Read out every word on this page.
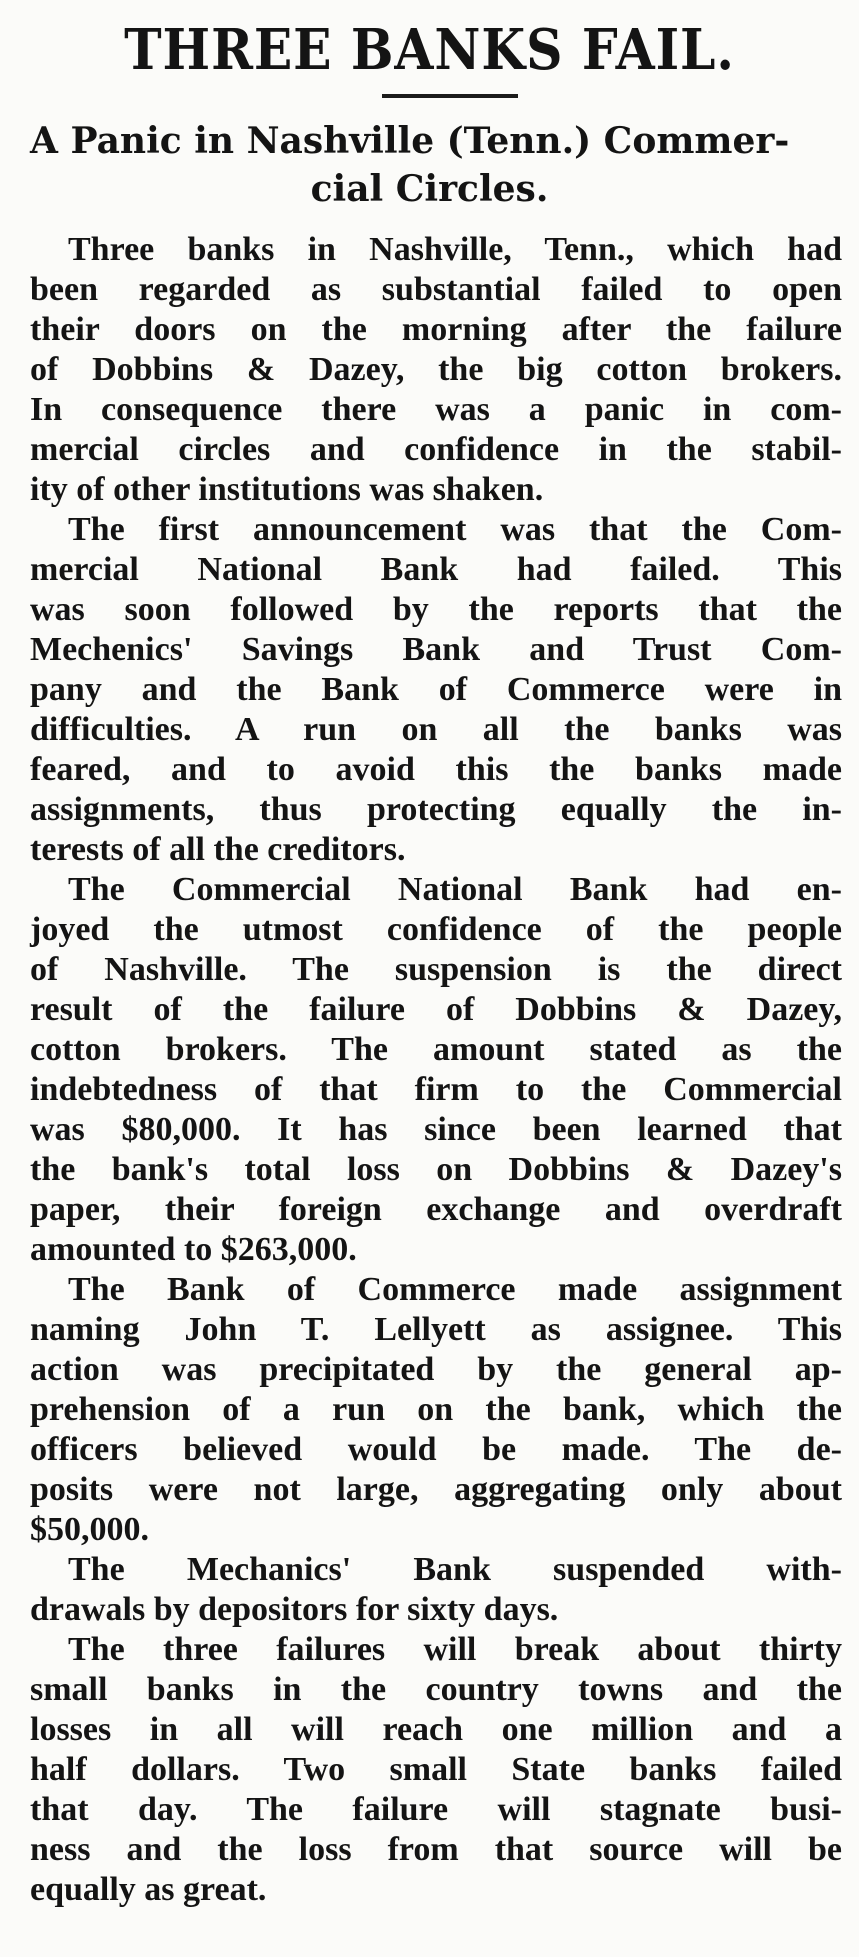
THREE BANKS FAIL.
A Panic in Nashville (Tenn.) Commer-
cial Circles.
Three banks in Nashville, Tenn., which had
been regarded as substantial failed to open
their doors on the morning after the failure
of Dobbins & Dazey, the big cotton brokers.
In consequence there was a panic in com-
mercial circles and confidence in the stabil-
ity of other institutions was shaken.
The first announcement was that the Com-
mercial National Bank had failed. This
was soon followed by the reports that the
Mechenics' Savings Bank and Trust Com-
pany and the Bank of Commerce were in
difficulties. A run on all the banks was
feared, and to avoid this the banks made
assignments, thus protecting equally the in-
terests of all the creditors.
The Commercial National Bank had en-
joyed the utmost confidence of the people
of Nashville. The suspension is the direct
result of the failure of Dobbins & Dazey,
cotton brokers. The amount stated as the
indebtedness of that firm to the Commercial
was $80,000. It has since been learned that
the bank's total loss on Dobbins & Dazey's
paper, their foreign exchange and overdraft
amounted to $263,000.
The Bank of Commerce made assignment
naming John T. Lellyett as assignee. This
action was precipitated by the general ap-
prehension of a run on the bank, which the
officers believed would be made. The de-
posits were not large, aggregating only about
$50,000.
The Mechanics' Bank suspended with-
drawals by depositors for sixty days.
The three failures will break about thirty
small banks in the country towns and the
losses in all will reach one million and a
half dollars. Two small State banks failed
that day. The failure will stagnate busi-
ness and the loss from that source will be
equally as great.
